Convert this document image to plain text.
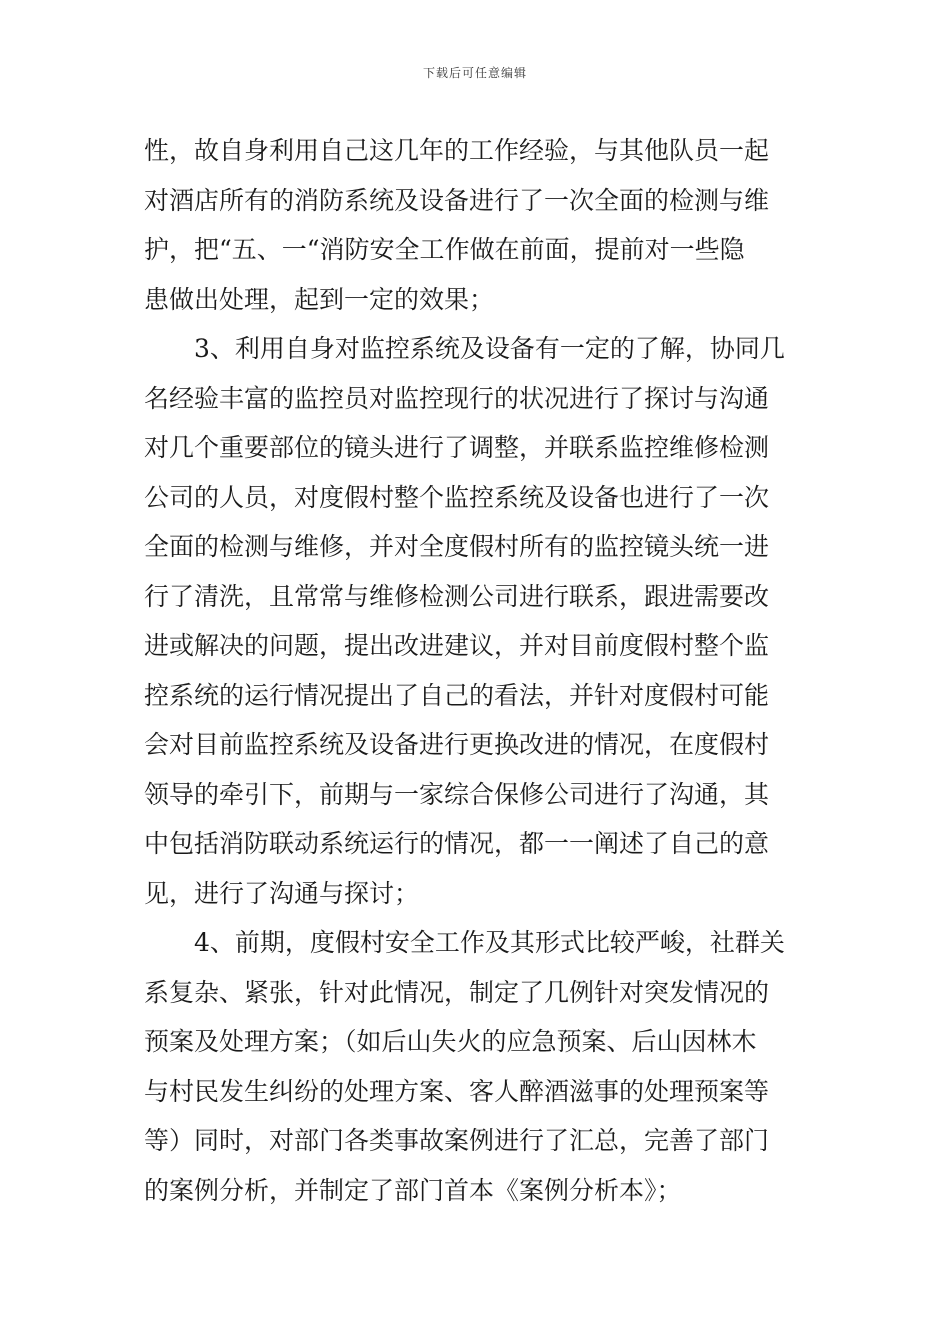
下载后可任意编辑
性，故自身利用自己这几年的工作经验，与其他队员一起
对酒店所有的消防系统及设备进行了一次全面的检测与维
护，把“五、一“消防安全工作做在前面，提前对一些隐
患做出处理，起到一定的效果；
3、利用自身对监控系统及设备有一定的了解，协同几
名经验丰富的监控员对监控现行的状况进行了探讨与沟通
对几个重要部位的镜头进行了调整，并联系监控维修检测
公司的人员，对度假村整个监控系统及设备也进行了一次
全面的检测与维修，并对全度假村所有的监控镜头统一进
行了清洗，且常常与维修检测公司进行联系，跟进需要改
进或解决的问题，提出改进建议，并对目前度假村整个监
控系统的运行情况提出了自己的看法，并针对度假村可能
会对目前监控系统及设备进行更换改进的情况，在度假村
领导的牵引下，前期与一家综合保修公司进行了沟通，其
中包括消防联动系统运行的情况，都一一阐述了自己的意
见，进行了沟通与探讨；
4、前期，度假村安全工作及其形式比较严峻，社群关
系复杂、紧张，针对此情况，制定了几例针对突发情况的
预案及处理方案；（如后山失火的应急预案、后山因林木
与村民发生纠纷的处理方案、客人醉酒滋事的处理预案等
等）同时，对部门各类事故案例进行了汇总，完善了部门
的案例分析，并制定了部门首本《案例分析本》；
